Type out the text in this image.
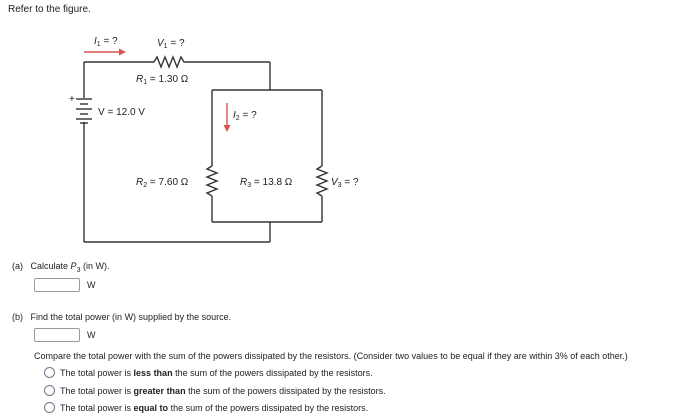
Refer to the figure.
+
$I_1$ = ?	$V_1$ = ?
$R_1 = 1.30$ Ω
V = 12.0 V	$I_2$ = ?
$R_2 = 7.60$ Ω	$R_3 = 13.8$ Ω	$V_3$ = ?
(a) Calculate $P_3$ (in W).
W
(b) Find the total power (in W) supplied by the source.
W
Compare the total power with the sum of the powers dissipated by the resistors. (Consider two values to be equal if they are within 3% of each other.)
The total power is less than the sum of the powers dissipated by the resistors.
The total power is greater than the sum of the powers dissipated by the resistors.
The total power is equal to the sum of the powers dissipated by the resistors.
